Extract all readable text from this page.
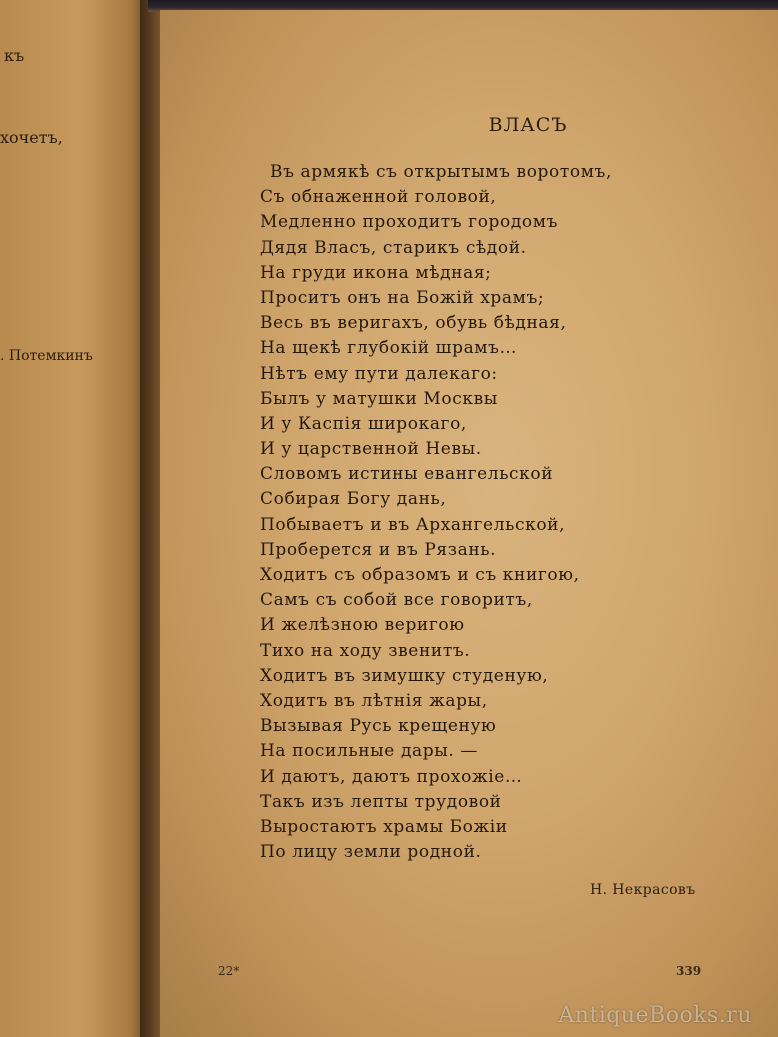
къ
хочетъ,
. Потемкинъ
ВЛАСЪ
Въ армякѣ съ открытымъ воротомъ,
Съ обнаженной головой,
Медленно проходитъ городомъ
Дядя Власъ, старикъ сѣдой.
На груди икона мѣдная;
Проситъ онъ на Божій храмъ;
Весь въ веригахъ, обувь бѣдная,
На щекѣ глубокій шрамъ…
Нѣтъ ему пути далекаго:
Былъ у матушки Москвы
И у Каспія широкаго,
И у царственной Невы.
Словомъ истины евангельской
Собирая Богу дань,
Побываетъ и въ Архангельской,
Проберется и въ Рязань.
Ходитъ съ образомъ и съ книгою,
Самъ съ собой все говоритъ,
И желѣзною веригою
Тихо на ходу звенитъ.
Ходитъ въ зимушку студеную,
Ходитъ въ лѣтнія жары,
Вызывая Русь крещеную
На посильные дары. —
И даютъ, даютъ прохожіе…
Такъ изъ лепты трудовой
Выростаютъ храмы Божіи
По лицу земли родной.
Н. Некрасовъ
22*	339
AntiqueBooks.ru
